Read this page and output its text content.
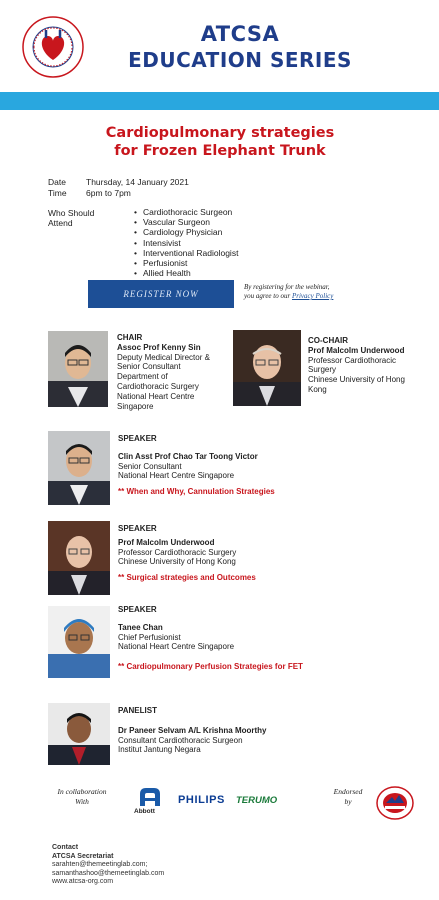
ATCSA
EDUCATION SERIES
Cardiopulmonary strategies
for Frozen Elephant Trunk
Date	Thursday, 14 January 2021
Time	6pm to 7pm
Who Should
Attend
• Cardiothoracic Surgeon
• Vascular Surgeon
• Cardiology Physician
• Intensivist
• Interventional Radiologist
• Perfusionist
• Allied Health
REGISTER NOW
By registering for the webinar,
you agree to our Privacy Policy
CHAIR
Assoc Prof Kenny Sin
Deputy Medical Director &
Senior Consultant
Department of
Cardiothoracic Surgery
National Heart Centre
Singapore
CO-CHAIR
Prof Malcolm Underwood
Professor Cardiothoracic
Surgery
Chinese University of Hong
Kong
SPEAKER
Clin Asst Prof Chao Tar Toong Victor
Senior Consultant
National Heart Centre Singapore
** When and Why, Cannulation Strategies
SPEAKER
Prof Malcolm Underwood
Professor Cardiothoracic Surgery
Chinese University of Hong Kong
** Surgical strategies and Outcomes
SPEAKER
Tanee Chan
Chief Perfusionist
National Heart Centre Singapore
** Cardiopulmonary Perfusion Strategies for FET
PANELIST
Dr Paneer Selvam A/L Krishna Moorthy
Consultant Cardiothoracic Surgeon
Institut Jantung Negara
In collaboration
With
Abbott
PHILIPS TERUMO
Endorsed
by
Contact
ATCSA Secretariat
sarahten@themeetinglab.com;
samanthashoo@themeetinglab.com
www.atcsa-org.com
